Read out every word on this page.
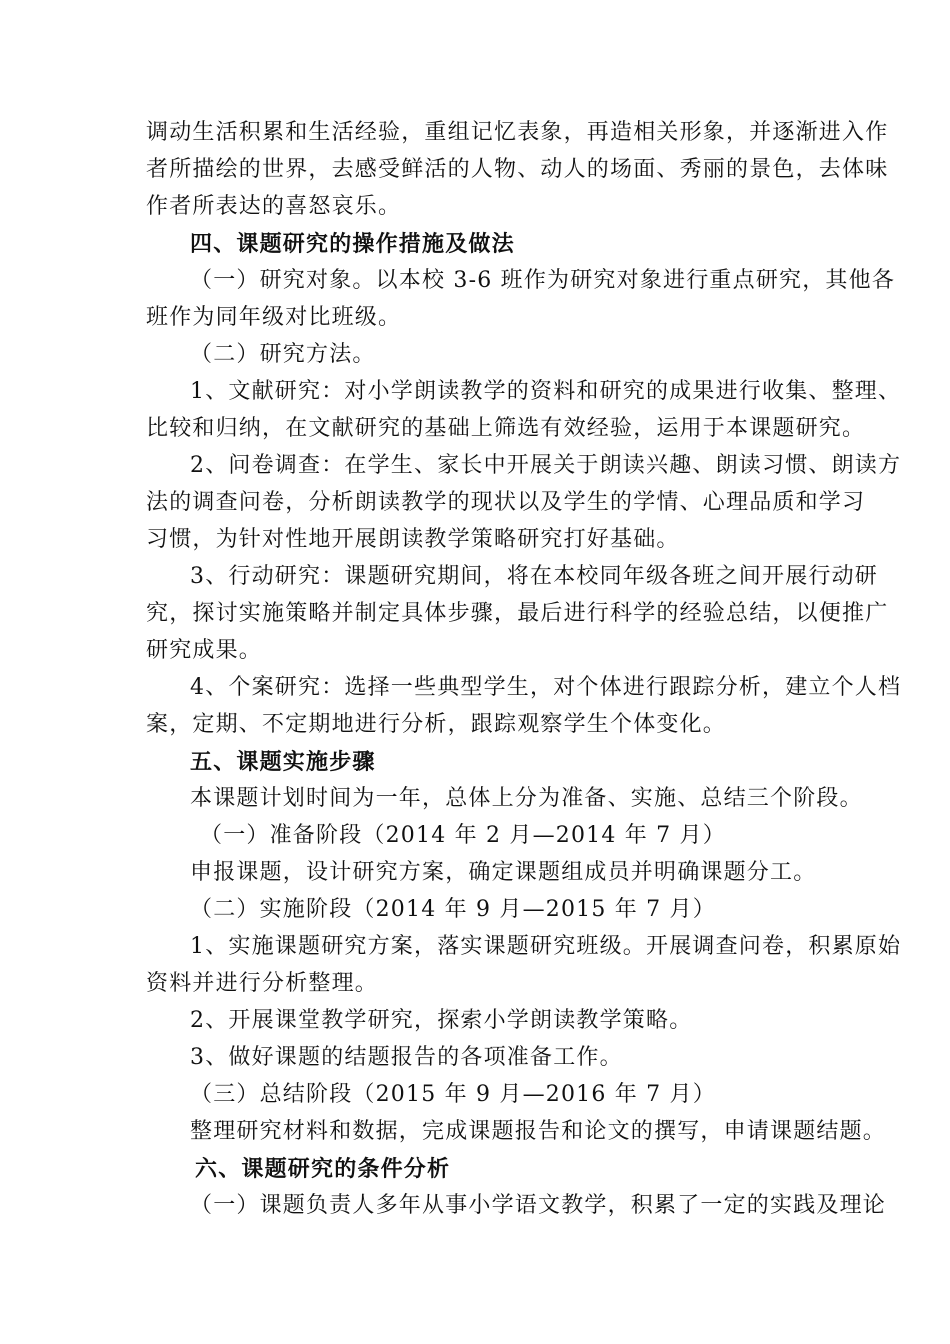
调动生活积累和生活经验，重组记忆表象，再造相关形象，并逐渐进入作

者所描绘的世界，去感受鲜活的人物、动人的场面、秀丽的景色，去体味

作者所表达的喜怒哀乐。

四、课题研究的操作措施及做法

（一）研究对象。以本校 3-6 班作为研究对象进行重点研究，其他各

班作为同年级对比班级。

（二）研究方法。

1、文献研究：对小学朗读教学的资料和研究的成果进行收集、整理、

比较和归纳，在文献研究的基础上筛选有效经验，运用于本课题研究。

2、问卷调查：在学生、家长中开展关于朗读兴趣、朗读习惯、朗读方

法的调查问卷，分析朗读教学的现状以及学生的学情、心理品质和学习

习惯，为针对性地开展朗读教学策略研究打好基础。

3、行动研究：课题研究期间，将在本校同年级各班之间开展行动研

究，探讨实施策略并制定具体步骤，最后进行科学的经验总结，以便推广

研究成果。

4、个案研究：选择一些典型学生，对个体进行跟踪分析，建立个人档

案，定期、不定期地进行分析，跟踪观察学生个体变化。

五、课题实施步骤

本课题计划时间为一年，总体上分为准备、实施、总结三个阶段。

（一）准备阶段（2014 年 2 月—2014 年 7 月）

申报课题，设计研究方案，确定课题组成员并明确课题分工。

（二）实施阶段（2014 年 9 月—2015 年 7 月）

1、实施课题研究方案，落实课题研究班级。开展调查问卷，积累原始

资料并进行分析整理。

2、开展课堂教学研究，探索小学朗读教学策略。

3、做好课题的结题报告的各项准备工作。

（三）总结阶段（2015 年 9 月—2016 年 7 月）

整理研究材料和数据，完成课题报告和论文的撰写，申请课题结题。

六、课题研究的条件分析

（一）课题负责人多年从事小学语文教学，积累了一定的实践及理论
